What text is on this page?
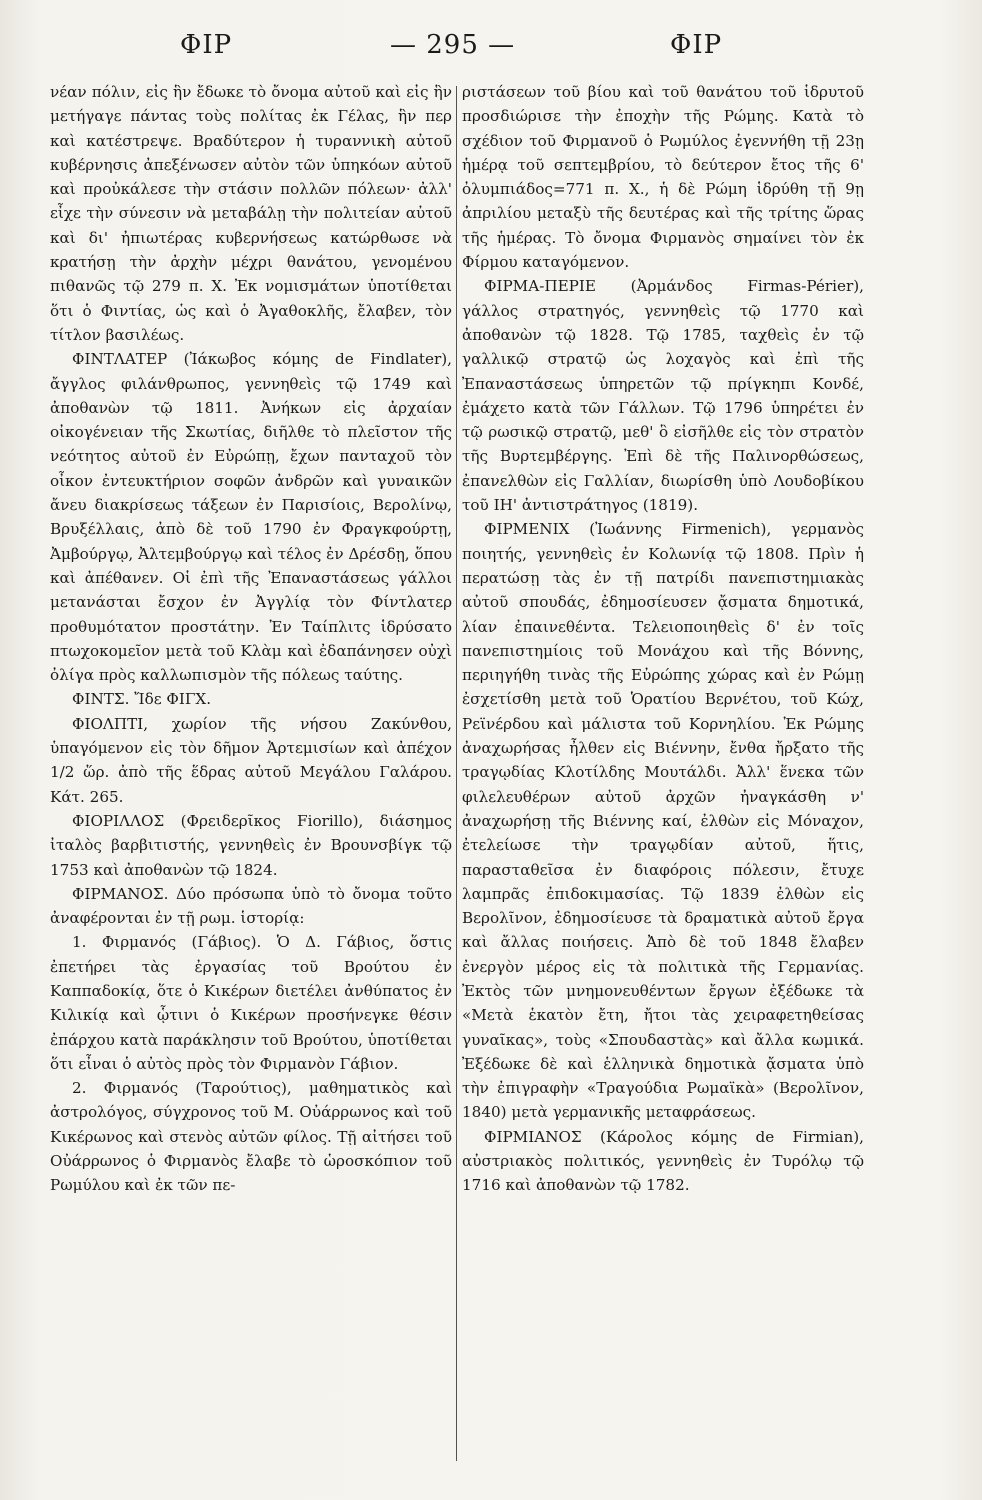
ΦΙΡ	— 295 —	ΦΙΡ

νέαν πόλιν, εἰς ἣν ἔδωκε τὸ ὄνομα αὐτοῦ καὶ εἰς ἣν μετήγαγε πάντας τοὺς πολίτας ἐκ Γέλας, ἣν περ καὶ κατέστρεψε. Βραδύτερον ἡ τυραννικὴ αὐτοῦ κυβέρνησις ἀπεξένωσεν αὐτὸν τῶν ὑπηκόων αὐτοῦ καὶ προὐκάλεσε τὴν στάσιν πολλῶν πόλεων· ἀλλ' εἶχε τὴν σύνεσιν νὰ μεταβάλῃ τὴν πολιτείαν αὐτοῦ καὶ δι' ἠπιωτέρας κυβερνήσεως κατώρθωσε νὰ κρατήσῃ τὴν ἀρχὴν μέχρι θανάτου, γενομένου πιθανῶς τῷ 279 π. Χ. Ἐκ νομισμάτων ὑποτίθεται ὅτι ὁ Φιντίας, ὡς καὶ ὁ Ἀγαθοκλῆς, ἔλαβεν, τὸν τίτλον βασιλέως.

ΦΙΝΤΛΑΤΕΡ (Ἰάκωβος κόμης de Findlater), ἄγγλος φιλάνθρωπος, γεννηθεὶς τῷ 1749 καὶ ἀποθανὼν τῷ 1811. Ἀνήκων εἰς ἀρχαίαν οἰκογένειαν τῆς Σκωτίας, διῆλθε τὸ πλεῖστον τῆς νεότητος αὐτοῦ ἐν Εὐρώπῃ, ἔχων πανταχοῦ τὸν οἶκον ἐντευκτήριον σοφῶν ἀνδρῶν καὶ γυναικῶν ἄνευ διακρίσεως τάξεων ἐν Παρισίοις, Βερολίνῳ, Βρυξέλλαις, ἀπὸ δὲ τοῦ 1790 ἐν Φραγκφούρτῃ, Ἀμβούργῳ, Ἀλτεμβούργῳ καὶ τέλος ἐν Δρέσδῃ, ὅπου καὶ ἀπέθανεν. Οἱ ἐπὶ τῆς Ἐπαναστάσεως γάλλοι μετανάσται ἔσχον ἐν Ἀγγλίᾳ τὸν Φίντλατερ προθυμότατον προστάτην. Ἐν Ταίπλιτς ἱδρύσατο πτωχοκομεῖον μετὰ τοῦ Κλὰμ καὶ ἐδαπάνησεν οὐχὶ ὀλίγα πρὸς καλλωπισμὸν τῆς πόλεως ταύτης.

ΦΙΝΤΣ. Ἴδε ΦΙΓΧ.

ΦΙΟΛΠΤΙ, χωρίον τῆς νήσου Ζακύνθου, ὑπαγόμενον εἰς τὸν δῆμον Ἀρτεμισίων καὶ ἀπέχον 1/2 ὥρ. ἀπὸ τῆς ἕδρας αὐτοῦ Μεγάλου Γαλάρου. Κάτ. 265.

ΦΙΟΡΙΛΛΟΣ (Φρειδερῖκος Fiorillo), διάσημος ἰταλὸς βαρβιτιστής, γεννηθεὶς ἐν Βρουνσβίγκ τῷ 1753 καὶ ἀποθανὼν τῷ 1824.

ΦΙΡΜΑΝΟΣ. Δύο πρόσωπα ὑπὸ τὸ ὄνομα τοῦτο ἀναφέρονται ἐν τῇ ρωμ. ἱστορίᾳ:

1. Φιρμανός (Γάβιος). Ὁ Δ. Γάβιος, ὅστις ἐπετήρει τὰς ἐργασίας τοῦ Βρούτου ἐν Καππαδοκίᾳ, ὅτε ὁ Κικέρων διετέλει ἀνθύπατος ἐν Κιλικίᾳ καὶ ᾧτινι ὁ Κικέρων προσήνεγκε θέσιν ἐπάρχου κατὰ παράκλησιν τοῦ Βρούτου, ὑποτίθεται ὅτι εἶναι ὁ αὐτὸς πρὸς τὸν Φιρμανὸν Γάβιον.

2. Φιρμανός (Ταρούτιος), μαθηματικὸς καὶ ἀστρολόγος, σύγχρονος τοῦ Μ. Οὐάρρωνος καὶ τοῦ Κικέρωνος καὶ στενὸς αὐτῶν φίλος. Τῇ αἰτήσει τοῦ Οὐάρρωνος ὁ Φιρμανὸς ἔλαβε τὸ ὡροσκόπιον τοῦ Ρωμύλου καὶ ἐκ τῶν πε-

ριστάσεων τοῦ βίου καὶ τοῦ θανάτου τοῦ ἱδρυτοῦ προσδιώρισε τὴν ἐποχὴν τῆς Ρώμης. Κατὰ τὸ σχέδιον τοῦ Φιρμανοῦ ὁ Ρωμύλος ἐγεννήθη τῇ 23ῃ ἡμέρᾳ τοῦ σεπτεμβρίου, τὸ δεύτερον ἔτος τῆς 6' ὀλυμπιάδος=771 π. Χ., ἡ δὲ Ρώμη ἱδρύθη τῇ 9ῃ ἀπριλίου μεταξὺ τῆς δευτέρας καὶ τῆς τρίτης ὥρας τῆς ἡμέρας. Τὸ ὄνομα Φιρμανὸς σημαίνει τὸν ἐκ Φίρμου καταγόμενον.

ΦΙΡΜΑ-ΠΕΡΙΕ (Ἀρμάνδος Firmas-Périer), γάλλος στρατηγός, γεννηθεὶς τῷ 1770 καὶ ἀποθανὼν τῷ 1828. Τῷ 1785, ταχθεὶς ἐν τῷ γαλλικῷ στρατῷ ὡς λοχαγὸς καὶ ἐπὶ τῆς Ἐπαναστάσεως ὑπηρετῶν τῷ πρίγκηπι Κονδέ, ἐμάχετο κατὰ τῶν Γάλλων. Τῷ 1796 ὑπηρέτει ἐν τῷ ρωσικῷ στρατῷ, μεθ' ὃ εἰσῆλθε εἰς τὸν στρατὸν τῆς Βυρτεμβέργης. Ἐπὶ δὲ τῆς Παλινορθώσεως, ἐπανελθὼν εἰς Γαλλίαν, διωρίσθη ὑπὸ Λουδοβίκου τοῦ ΙΗ' ἀντιστράτηγος (1819).

ΦΙΡΜΕΝΙΧ (Ἰωάννης Firmenich), γερμανὸς ποιητής, γεννηθεὶς ἐν Κολωνίᾳ τῷ 1808. Πρὶν ἡ περατώσῃ τὰς ἐν τῇ πατρίδι πανεπιστημιακὰς αὐτοῦ σπουδάς, ἐδημοσίευσεν ᾄσματα δημοτικά, λίαν ἐπαινεθέντα. Τελειοποιηθεὶς δ' ἐν τοῖς πανεπιστημίοις τοῦ Μονάχου καὶ τῆς Βόννης, περιηγήθη τινὰς τῆς Εὐρώπης χώρας καὶ ἐν Ρώμῃ ἐσχετίσθη μετὰ τοῦ Ὁρατίου Βερνέτου, τοῦ Κώχ, Ρεϊνέρδου καὶ μάλιστα τοῦ Κορνηλίου. Ἐκ Ρώμης ἀναχωρήσας ἦλθεν εἰς Βιέννην, ἔνθα ἤρξατο τῆς τραγῳδίας Κλοτίλδης Μουτάλδι. Ἀλλ' ἕνεκα τῶν φιλελευθέρων αὐτοῦ ἀρχῶν ἠναγκάσθη ν' ἀναχωρήσῃ τῆς Βιέννης καί, ἐλθὼν εἰς Μόναχον, ἐτελείωσε τὴν τραγῳδίαν αὐτοῦ, ἥτις, παρασταθεῖσα ἐν διαφόροις πόλεσιν, ἔτυχε λαμπρᾶς ἐπιδοκιμασίας. Τῷ 1839 ἐλθὼν εἰς Βερολῖνον, ἐδημοσίευσε τὰ δραματικὰ αὐτοῦ ἔργα καὶ ἄλλας ποιήσεις. Ἀπὸ δὲ τοῦ 1848 ἔλαβεν ἐνεργὸν μέρος εἰς τὰ πολιτικὰ τῆς Γερμανίας. Ἐκτὸς τῶν μνημονευθέντων ἔργων ἐξέδωκε τὰ «Μετὰ ἑκατὸν ἔτη, ἤτοι τὰς χειραφετηθείσας γυναῖκας», τοὺς «Σπουδαστὰς» καὶ ἄλλα κωμικά. Ἐξέδωκε δὲ καὶ ἑλληνικὰ δημοτικὰ ᾄσματα ὑπὸ τὴν ἐπιγραφὴν «Τραγούδια Ρωμαϊκὰ» (Βερολῖνον, 1840) μετὰ γερμανικῆς μεταφράσεως.

ΦΙΡΜΙΑΝΟΣ (Κάρολος κόμης de Firmian), αὐστριακὸς πολιτικός, γεννηθεὶς ἐν Τυρόλῳ τῷ 1716 καὶ ἀποθανὼν τῷ 1782.
